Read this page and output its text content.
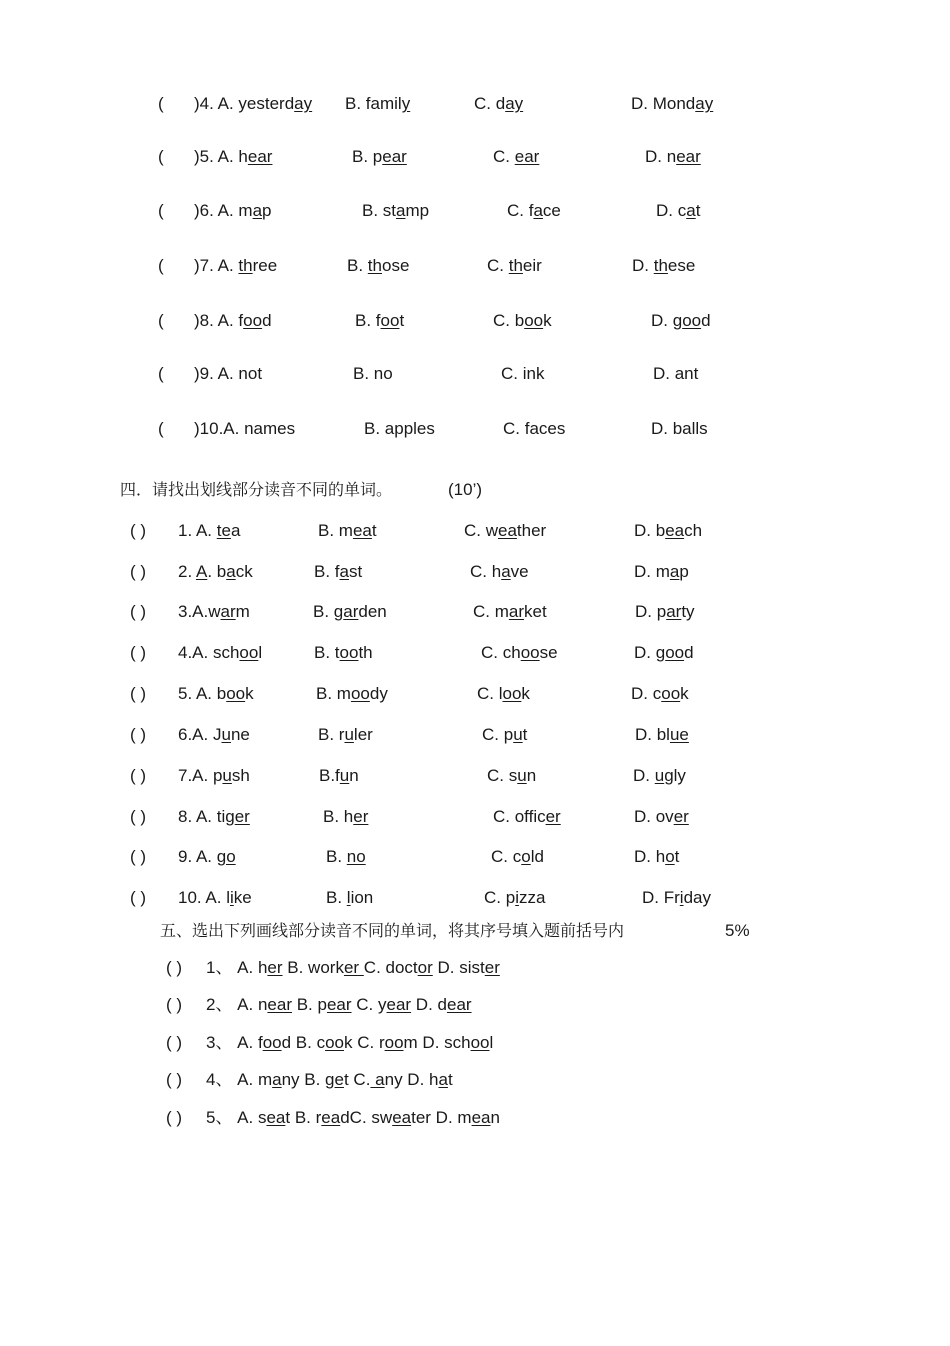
( )4. A. yesterday B. family	C. day	D. Monday
( )5. A. hear	B. pear	C. ear	D. near
( )6. A. map	B. stamp	C. face	D. cat
( )7. A. three	B. those	C. their	D. these
( )8. A. food	B. foot	C. book	D. good
( )9. A. not	B. no	C. ink	D. ant
( )10.A. names	B. apples	C. faces	D. balls
四．请找出划线部分读音不同的单词。	(10’)
( ) 1. A. tea	B. meat	C. weather	D. beach
( ) 2. A. back	B. fast	C. have	D. map
( ) 3.A.warm	B. garden	C. market	D. party
( ) 4.A. school	B. tooth	C. choose	D. good
( ) 5. A. book	B. moody	C. look	D. cook
( ) 6.A. June	B. ruler	C. put	D. blue
( ) 7.A. push	B.fun	C. sun	D. ugly
( ) 8. A. tiger	B. her	C. officer	D. over
( ) 9. A. go	B. no	C. cold	D. hot
( ) 10. A. like	B. lion	C. pizza	D. Friday
五、选出下列画线部分读音不同的单词，将其序号填入题前括号内	5%
( ) 1、 A. her B. worker C. doctor D. sister
( ) 2、 A. near B. pear C. year D. dear
( ) 3、 A. food B. cook C. room D. school
( ) 4、 A. many B. get C. any D. hat
( ) 5、 A. seat B. readC. sweater D. mean
